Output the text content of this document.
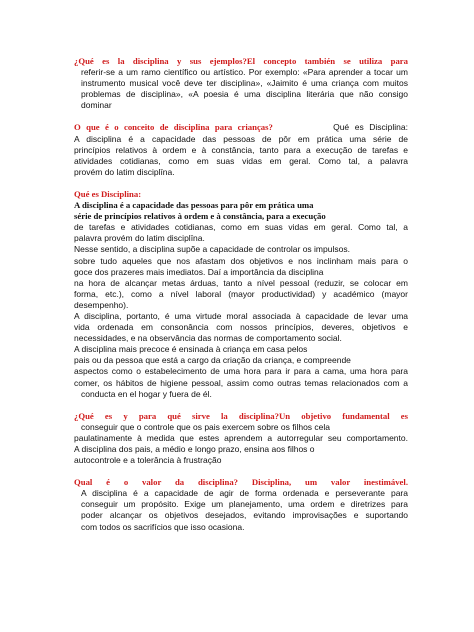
¿Qué es la disciplina y sus ejemplos?El concepto también se utiliza para
referir-se a um ramo científico ou artístico. Por exemplo: «Para aprender a tocar um
instrumento musical você deve ter disciplina», «Jaimito é uma criança com muitos
problemas de disciplina», «A poesia é uma disciplina literária que não consigo
dominar
O que é o conceito de disciplina para crianças?	Qué es Disciplina:
A disciplina é a capacidade das pessoas de pôr em prática uma série de
princípios relativos à ordem e à constância, tanto para a execução de tarefas e
atividades cotidianas, como em suas vidas em geral. Como tal, a palavra
provém do latim disciplīna.
Qué es Disciplina:
A disciplina é a capacidade das pessoas para pôr em prática uma
série de princípios relativos à ordem e à constância, para a execução
de tarefas e atividades cotidianas, como em suas vidas em geral. Como tal, a
palavra provém do latim disciplīna.
Nesse sentido, a disciplina supõe a capacidade de controlar os impulsos.
sobre tudo aqueles que nos afastam dos objetivos e nos inclinham mais para o
goce dos prazeres mais imediatos. Daí a importância da disciplina
na hora de alcançar metas árduas, tanto a nível pessoal (reduzir, se colocar em
forma, etc.), como a nível laboral (mayor productividad) y académico (mayor
desempenho).
A disciplina, portanto, é uma virtude moral associada à capacidade de levar uma
vida ordenada em consonância com nossos princípios, deveres, objetivos e
necessidades, e na observância das normas de comportamento social.
A disciplina mais precoce é ensinada à criança em casa pelos
pais ou da pessoa que está a cargo da criação da criança, e compreende
aspectos como o estabelecimento de uma hora para ir para a cama, uma hora para
comer, os hábitos de higiene pessoal, assim como outras temas relacionados com a
conducta en el hogar y fuera de él.
¿Qué es y para qué sirve la disciplina?Un objetivo fundamental es
conseguir que o controle que os pais exercem sobre os filhos cela
paulatinamente à medida que estes aprendem a autorregular seu comportamento.
A disciplina dos pais, a médio e longo prazo, ensina aos filhos o
autocontrole e a tolerância à frustração
Qual é o valor da disciplina? Disciplina, um valor inestimável.
A disciplina é a capacidade de agir de forma ordenada e perseverante para
conseguir um propósito. Exige um planejamento, uma ordem e diretrizes para
poder alcançar os objetivos desejados, evitando improvisações e suportando
com todos os sacrifícios que isso ocasiona.
